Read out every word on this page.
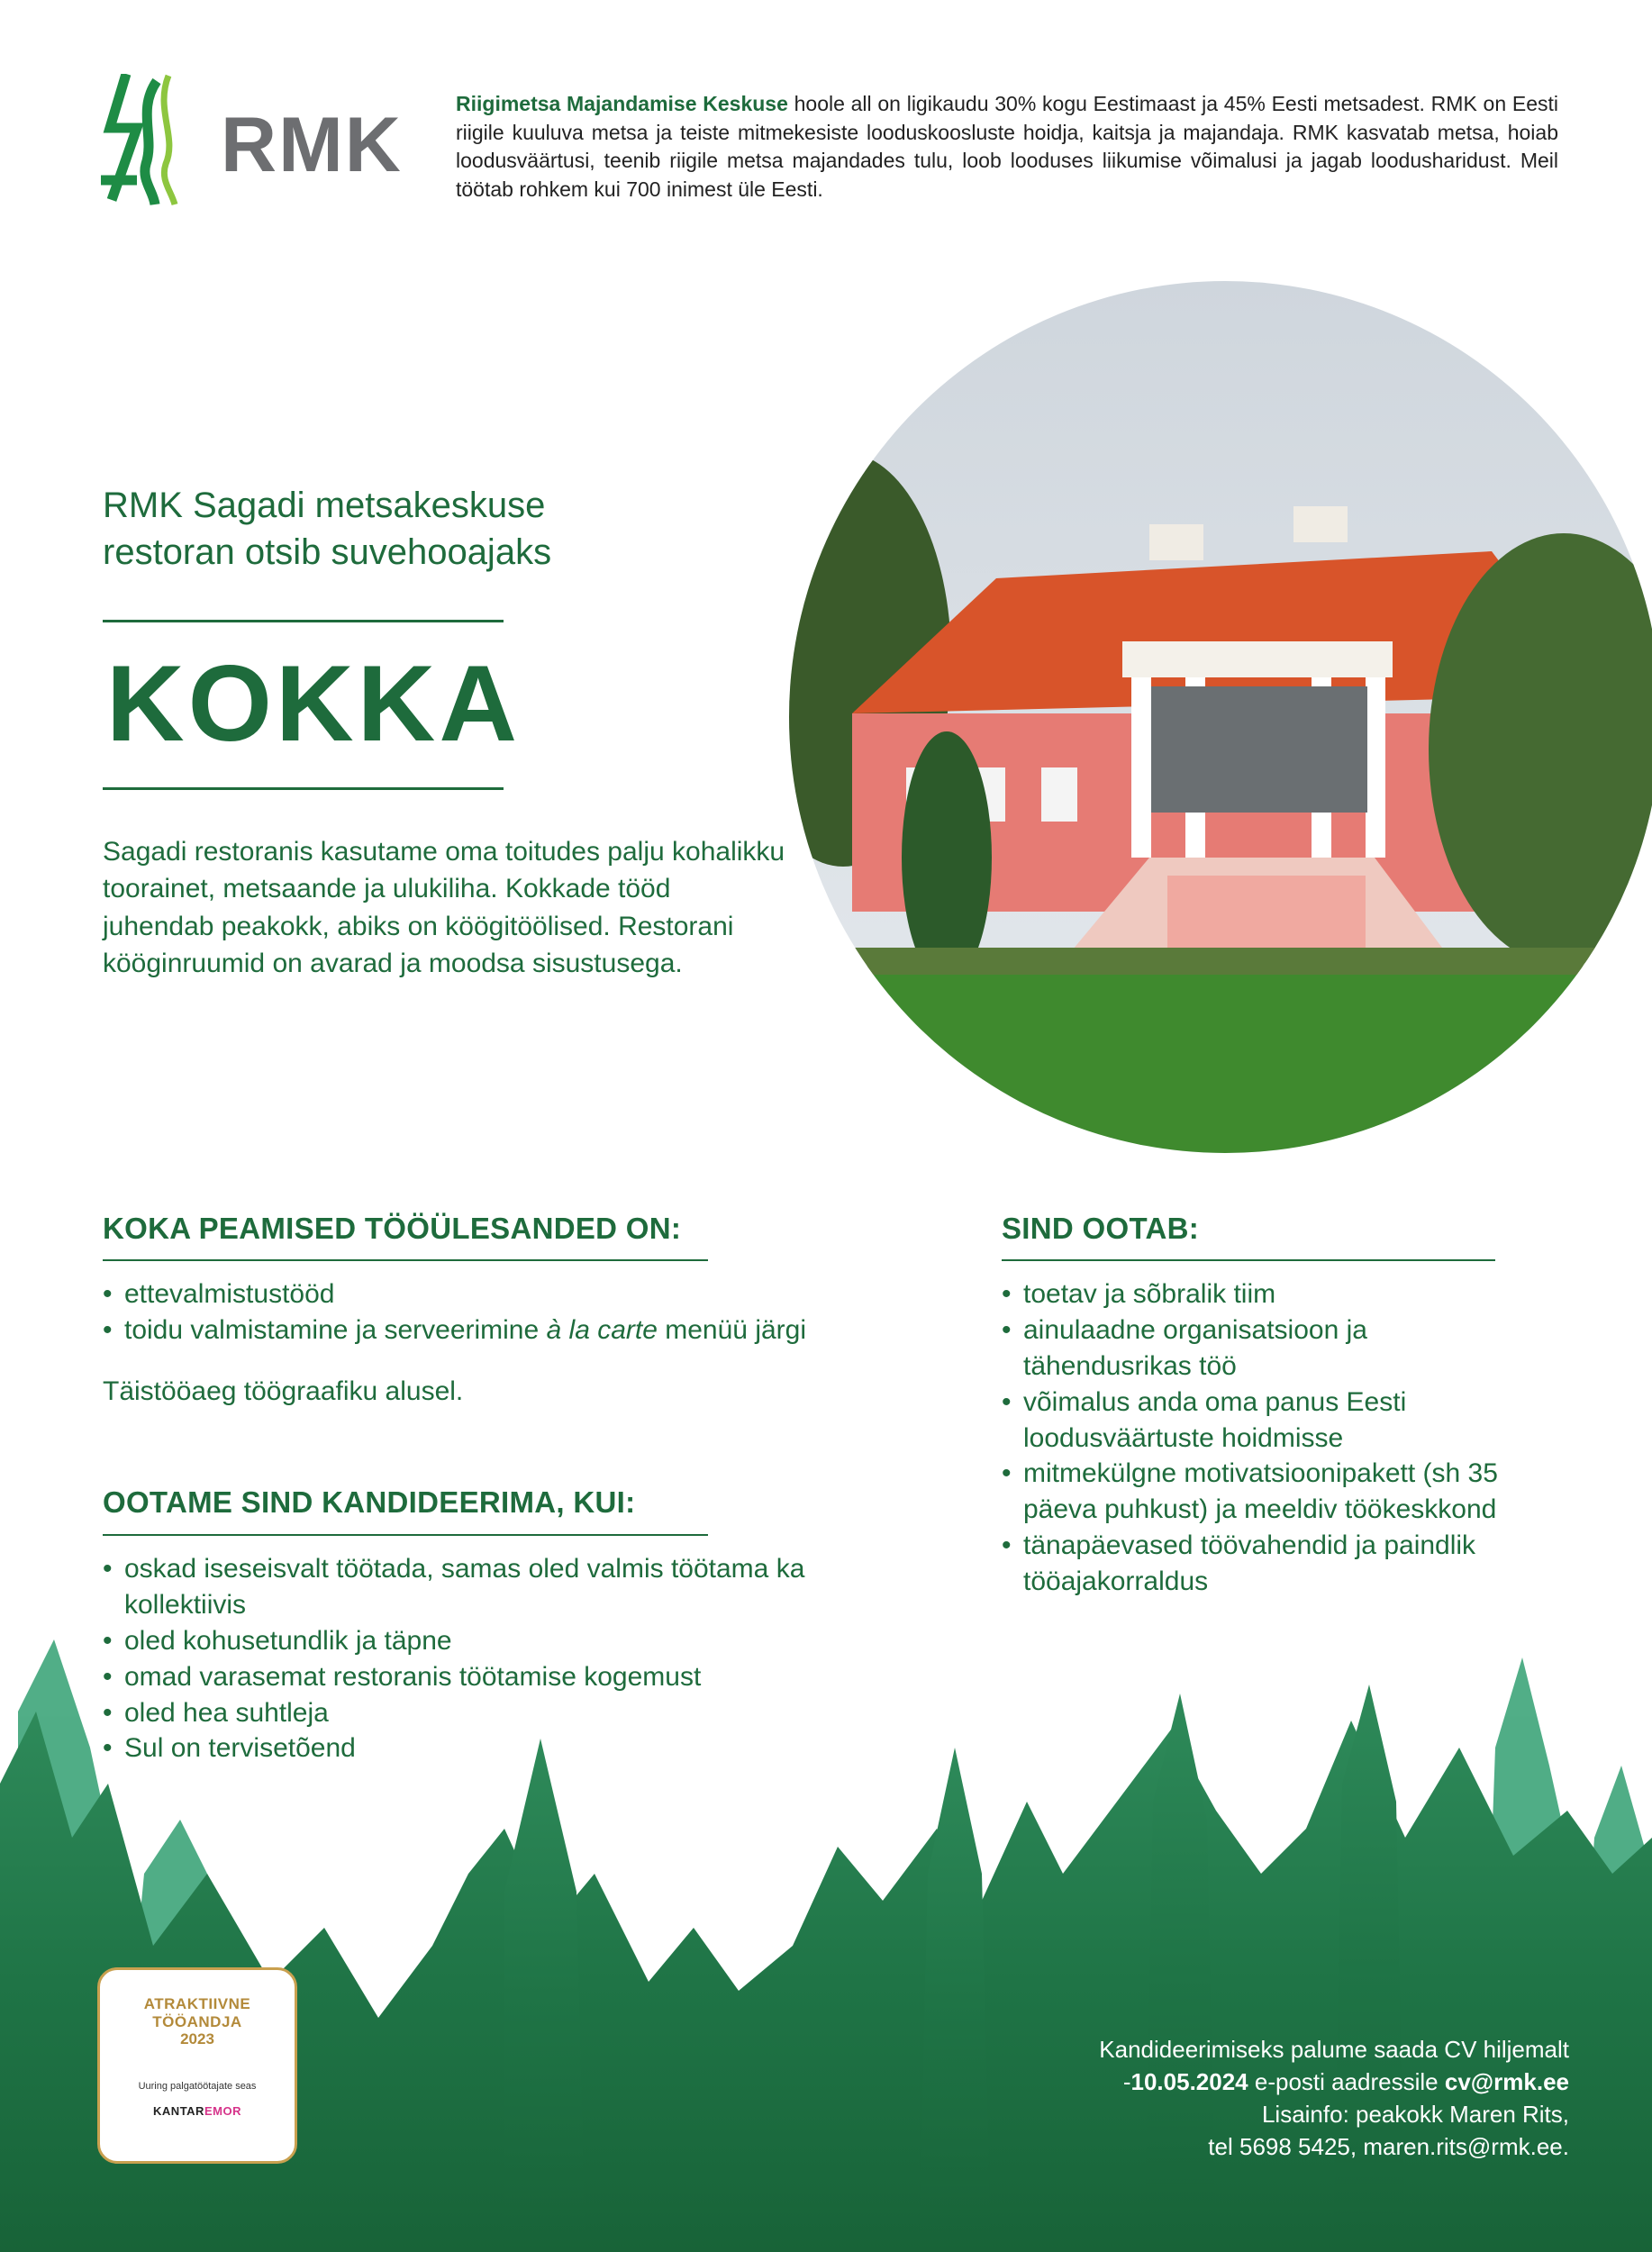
RMK	Riigimetsa Majandamise Keskuse hoole all on ligikaudu 30% kogu Eestimaast ja 45% Eesti metsadest. RMK on Eesti riigile kuuluva metsa ja teiste mitmekesiste looduskoosluste hoidja, kaitsja ja majandaja. RMK kasvatab metsa, hoiab loodusväärtusi, teenib riigile metsa majandades tulu, loob looduses liikumise võimalusi ja jagab loodusharidust. Meil töötab rohkem kui 700 inimest üle Eesti.
RMK Sagadi metsakeskuse
restoran otsib suvehooajaks
KOKKA
Sagadi restoranis kasutame oma toitudes palju kohalikku toorainet, metsaande ja ulukiliha. Kokkade tööd juhendab peakokk, abiks on köögitöölised. Restorani kööginruumid on avarad ja moodsa sisustusega.
KOKA PEAMISED TÖÖÜLESANDED ON:
• ettevalmistustööd
• toidu valmistamine ja serveerimine à la carte menüü järgi
Täistööaeg töögraafiku alusel.
OOTAME SIND KANDIDEERIMA, KUI:
• oskad iseseisvalt töötada, samas oled valmis töötama ka kollektiivis
• oled kohusetundlik ja täpne
• omad varasemat restoranis töötamise kogemust
• oled hea suhtleja
• Sul on tervisetõend
SIND OOTAB:
• toetav ja sõbralik tiim
• ainulaadne organisatsioon ja tähendusrikas töö
• võimalus anda oma panus Eesti loodusväärtuste hoidmisse
• mitmekülgne motivatsioonipakett (sh 35 päeva puhkust) ja meeldiv töökeskkond
• tänapäevased töövahendid ja paindlik tööajakorraldus
ATRAKTIIVNE
TÖÖANDJA
2023
Uuring palgatöötajate seas
KANTAREMOR
Kandideerimiseks palume saada CV hiljemalt
-10.05.2024 e-posti aadressile cv@rmk.ee
Lisainfo: peakokk Maren Rits,
tel 5698 5425, maren.rits@rmk.ee.
